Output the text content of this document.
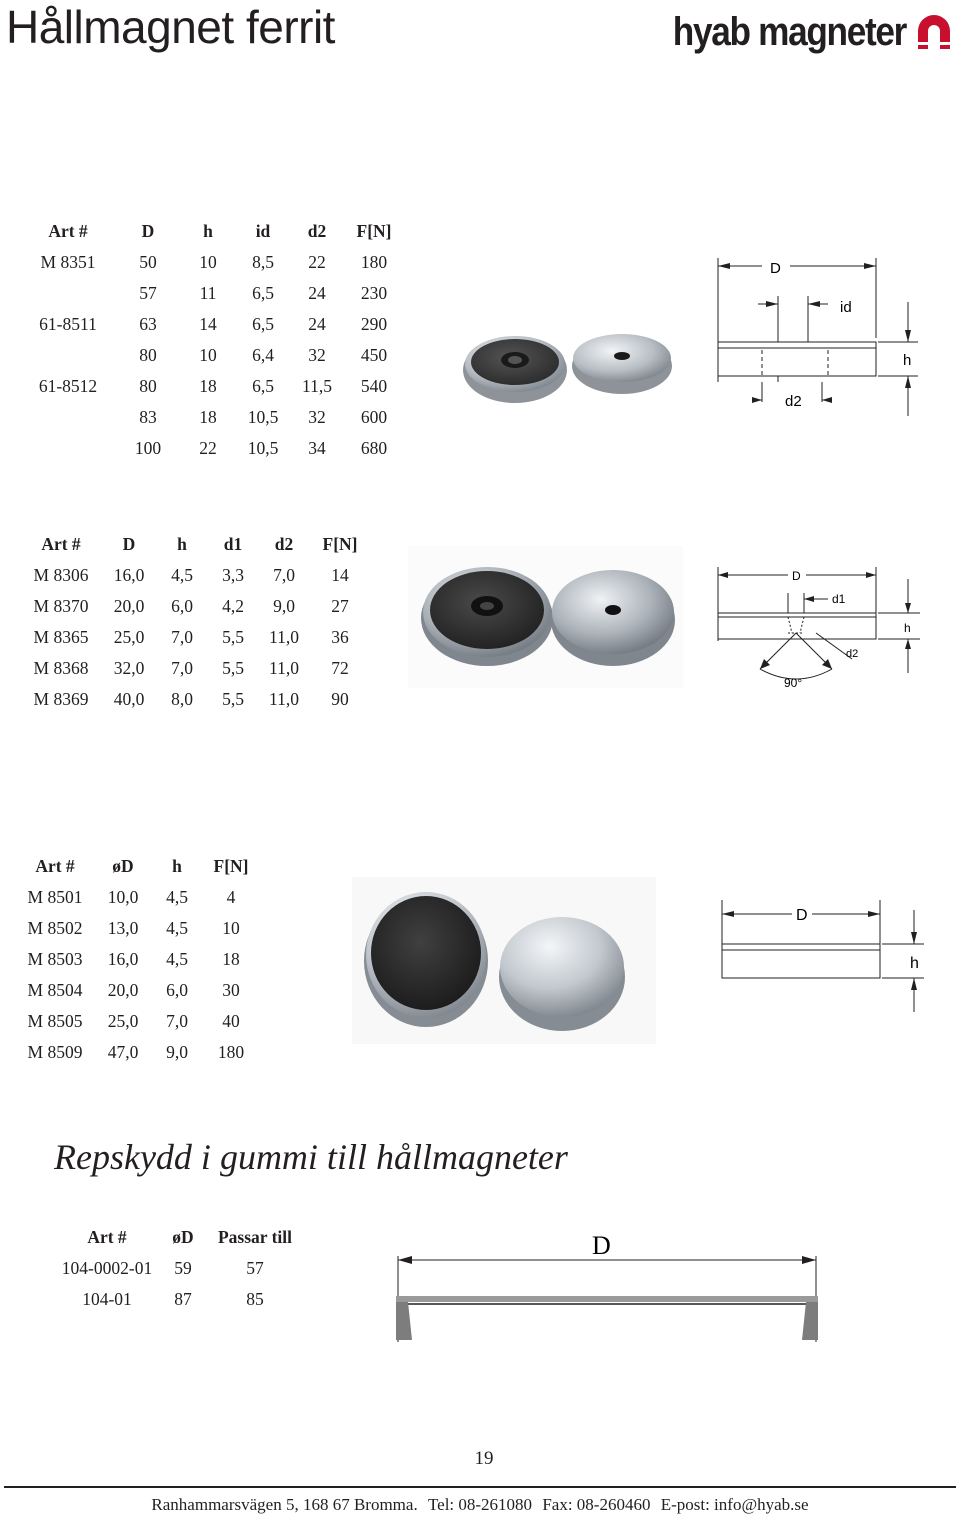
Hållmagnet ferrit	hyab magneter
Art #	D	h	id	d2	F[N]
M 8351	50	10	8,5	22	180
	57	11	6,5	24	230
61-8511	63	14	6,5	24	290
	80	10	6,4	32	450
61-8512	80	18	6,5	11,5	540
	83	18	10,5	32	600
	100	22	10,5	34	680
D
id
h
d2
Art #	D	h	d1	d2	F[N]
M 8306	16,0	4,5	3,3	7,0	14
M 8370	20,0	6,0	4,2	9,0	27
M 8365	25,0	7,0	5,5	11,0	36
M 8368	32,0	7,0	5,5	11,0	72
M 8369	40,0	8,0	5,5	11,0	90
D
d1
h
d2
90°
Art #	øD	h	F[N]
M 8501	10,0	4,5	4
M 8502	13,0	4,5	10
M 8503	16,0	4,5	18
M 8504	20,0	6,0	30
M 8505	25,0	7,0	40
M 8509	47,0	9,0	180
D
h
Repskydd i gummi till hållmagneter
Art #	øD	Passar till
104-0002-01	59	57
104-01	87	85
D
19
Ranhammarsvägen 5, 168 67 Bromma. Tel: 08-261080 Fax: 08-260460 E-post: info@hyab.se
